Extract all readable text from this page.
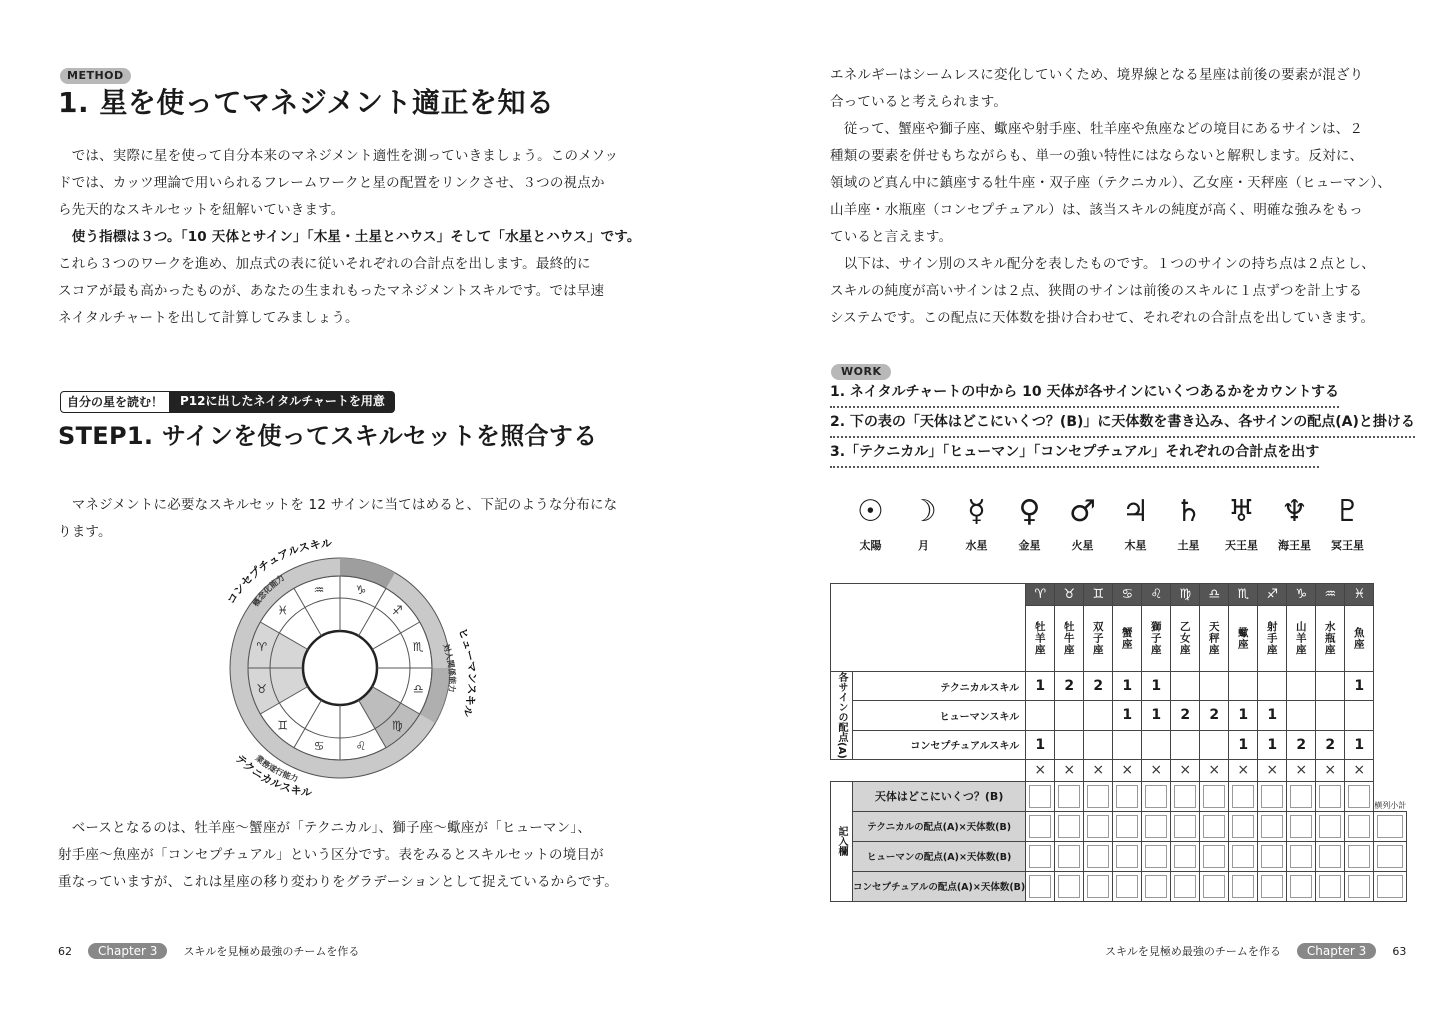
METHOD
1. 星を使ってマネジメント適正を知る

　では、実際に星を使って自分本来のマネジメント適性を測っていきましょう。このメソッ

ドでは、カッツ理論で用いられるフレームワークと星の配置をリンクさせ、３つの視点か

ら先天的なスキルセットを紐解いていきます。

　使う指標は３つ。「10 天体とサイン」「木星・土星とハウス」そして「水星とハウス」です。

これら３つのワークを進め、加点式の表に従いそれぞれの合計点を出します。最終的に

スコアが最も高かったものが、あなたの生まれもったマネジメントスキルです。では早速

ネイタルチャートを出して計算してみましょう。

自分の星を読む！	P12に出したネイタルチャートを用意
STEP1. サインを使ってスキルセットを照合する

　マネジメントに必要なスキルセットを 12 サインに当てはめると、下記のような分布にな

ります。

♑
♐
♏
♎
♍
♌
♋
♊
♉
♈
♓
♒
コンセプチュアルスキル
概念化能力
ヒューマンスキル
対人関係能力
テクニカルスキル
業務遂行能力

　ベースとなるのは、牡羊座〜蟹座が「テクニカル」、獅子座〜蠍座が「ヒューマン」、

射手座〜魚座が「コンセプチュアル」という区分です。表をみるとスキルセットの境目が

重なっていますが、これは星座の移り変わりをグラデーションとして捉えているからです。

62	Chapter 3	スキルを見極め最強のチームを作る

エネルギーはシームレスに変化していくため、境界線となる星座は前後の要素が混ざり

合っていると考えられます。

　従って、蟹座や獅子座、蠍座や射手座、牡羊座や魚座などの境目にあるサインは、２

種類の要素を併せもちながらも、単一の強い特性にはならないと解釈します。反対に、

領域のど真ん中に鎮座する牡牛座・双子座（テクニカル）、乙女座・天秤座（ヒューマン）、

山羊座・水瓶座（コンセプチュアル）は、該当スキルの純度が高く、明確な強みをもっ

ていると言えます。

　以下は、サイン別のスキル配分を表したものです。１つのサインの持ち点は２点とし、

スキルの純度が高いサインは２点、狭間のサインは前後のスキルに１点ずつを計上する

システムです。この配点に天体数を掛け合わせて、それぞれの合計点を出していきます。

WORK
1. ネイタルチャートの中から 10 天体が各サインにいくつあるかをカウントする
2. 下の表の「天体はどこにいくつ？(B)」に天体数を書き込み、各サインの配点(A)と掛ける
3.「テクニカル」「ヒューマン」「コンセプチュアル」それぞれの合計点を出す
☉
太陽
☽
月
☿
水星
♀
金星
♂
火星
♃
木星
♄
土星
♅
天王星
♆
海王星
♇
冥王星
		♈	♉	♊	♋	♌	♍	♎	♏	♐	♑	♒	♓	
		牡羊座	牡牛座	双子座	蟹座	獅子座	乙女座	天秤座	蠍座	射手座	山羊座	水瓶座	魚座	
各サインの配点(A)	テクニカルスキル	1	2	2	1	1							1	
	ヒューマンスキル				1	1	2	2	1	1				
	コンセプチュアルスキル	1							1	1	2	2	1	
		×	×	×	×	×	×	×	×	×	×	×	×	
記入欄	天体はどこにいくつ？(B)													横列小計
	テクニカルの配点(A)×天体数(B)													
	ヒューマンの配点(A)×天体数(B)													
	コンセプチュアルの配点(A)×天体数(B)													
スキルを見極め最強のチームを作る	Chapter 3	63
